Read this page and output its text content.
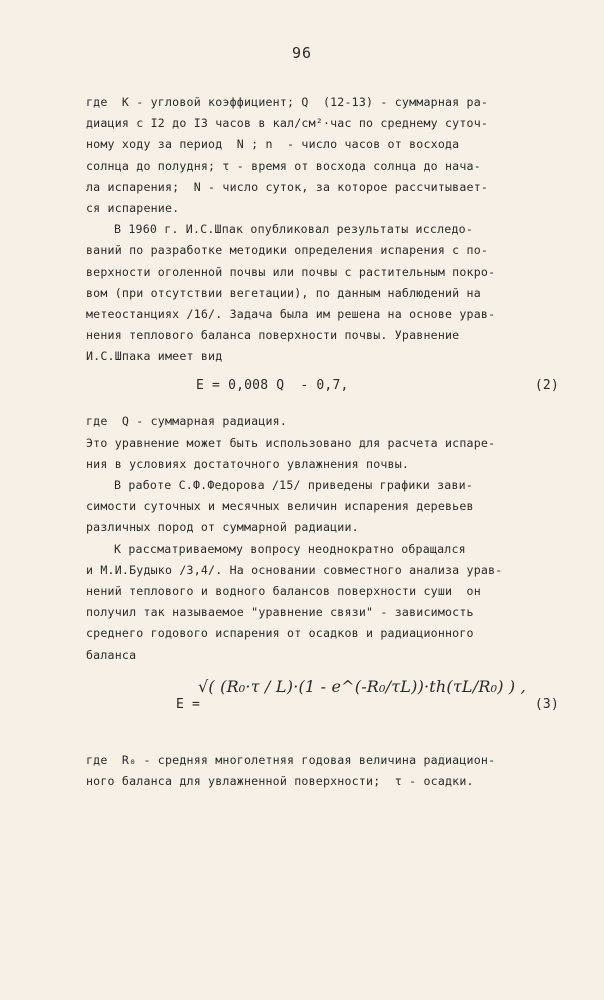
96
где  К - угловой коэффициент; Q  (12-13) - суммарная ра-
диация с I2 до I3 часов в кал/см²·час по среднему суточ-
ному ходу за период  N ; n  - число часов от восхода
солнца до полудня; τ - время от восхода солнца до нача-
ла испарения;  N - число суток, за которое рассчитывает-
ся испарение.
В 1960 г. И.С.Шпак опубликовал результаты исследо-
ваний по разработке методики определения испарения с по-
верхности оголенной почвы или почвы с растительным покро-
вом (при отсутствии вегетации), по данным наблюдений на
метеостанциях /16/. Задача была им решена на основе урав-
нения теплового баланса поверхности почвы. Уравнение
И.С.Шпака имеет вид
E = 0,008 Q  - 0,7,	(2)
где  Q - суммарная радиация.
Это уравнение может быть использовано для расчета испаре-
ния в условиях достаточного увлажнения почвы.
В работе С.Ф.Федорова /15/ приведены графики зави-
симости суточных и месячных величин испарения деревьев
различных пород от суммарной радиации.
К рассматриваемому вопросу неоднократно обращался
и М.И.Будыко /3,4/. На основании совместного анализа урав-
нений теплового и водного балансов поверхности суши  он
получил так называемое "уравнение связи" - зависимость
среднего годового испарения от осадков и радиационного
баланса
E =
√( (R₀·τ / L)·(1 - e^(-R₀/τL))·th(τL/R₀) ) ,
(3)
где  R₀ - средняя многолетняя годовая величина радиацион-
ного баланса для увлажненной поверхности;  τ - осадки.
